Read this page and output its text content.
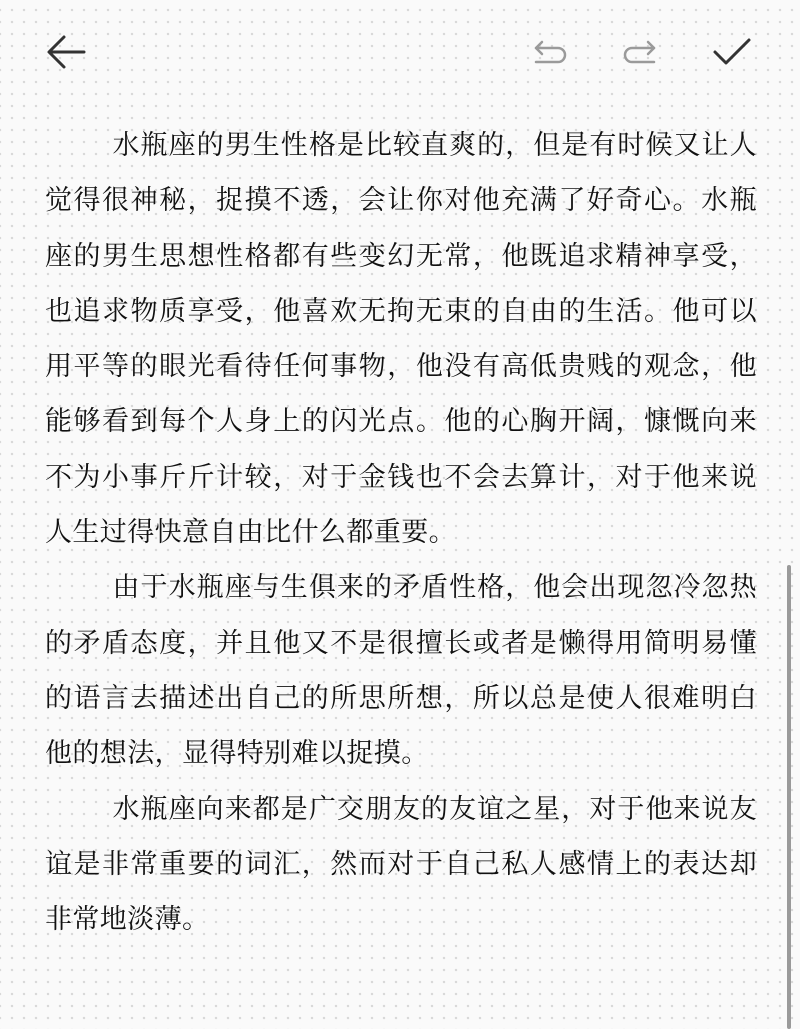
水瓶座的男生性格是比较直爽的，但是有时候又让人觉得很神秘，捉摸不透，会让你对他充满了好奇心。水瓶座的男生思想性格都有些变幻无常，他既追求精神享受，也追求物质享受，他喜欢无拘无束的自由的生活。他可以用平等的眼光看待任何事物，他没有高低贵贱的观念，他能够看到每个人身上的闪光点。他的心胸开阔，慷慨向来不为小事斤斤计较，对于金钱也不会去算计，对于他来说人生过得快意自由比什么都重要。

由于水瓶座与生俱来的矛盾性格，他会出现忽冷忽热的矛盾态度，并且他又不是很擅长或者是懒得用简明易懂的语言去描述出自己的所思所想，所以总是使人很难明白他的想法，显得特别难以捉摸。

水瓶座向来都是广交朋友的友谊之星，对于他来说友谊是非常重要的词汇，然而对于自己私人感情上的表达却非常地淡薄。
